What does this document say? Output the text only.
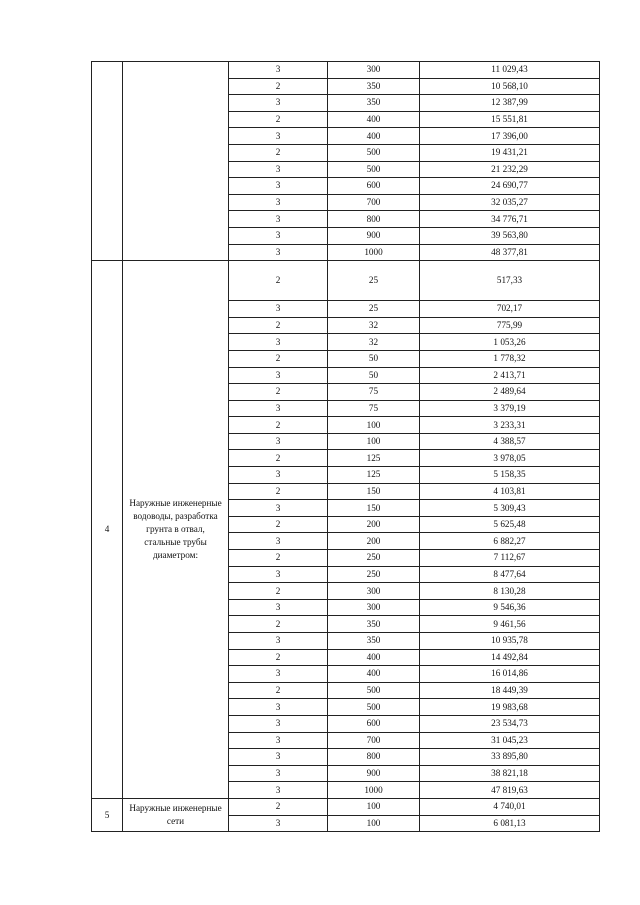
		3	300	11 029,43
		2	350	10 568,10
		3	350	12 387,99
		2	400	15 551,81
		3	400	17 396,00
		2	500	19 431,21
		3	500	21 232,29
		3	600	24 690,77
		3	700	32 035,27
		3	800	34 776,71
		3	900	39 563,80
		3	1000	48 377,81
4	Наружные инженерные водоводы, разработка грунта в отвал, стальные трубы диаметром:	2	25	517,33
		3	25	702,17
		2	32	775,99
		3	32	1 053,26
		2	50	1 778,32
		3	50	2 413,71
		2	75	2 489,64
		3	75	3 379,19
		2	100	3 233,31
		3	100	4 388,57
		2	125	3 978,05
		3	125	5 158,35
		2	150	4 103,81
		3	150	5 309,43
		2	200	5 625,48
		3	200	6 882,27
		2	250	7 112,67
		3	250	8 477,64
		2	300	8 130,28
		3	300	9 546,36
		2	350	9 461,56
		3	350	10 935,78
		2	400	14 492,84
		3	400	16 014,86
		2	500	18 449,39
		3	500	19 983,68
		3	600	23 534,73
		3	700	31 045,23
		3	800	33 895,80
		3	900	38 821,18
		3	1000	47 819,63
5	Наружные инженерные сети	2	100	4 740,01
		3	100	6 081,13
